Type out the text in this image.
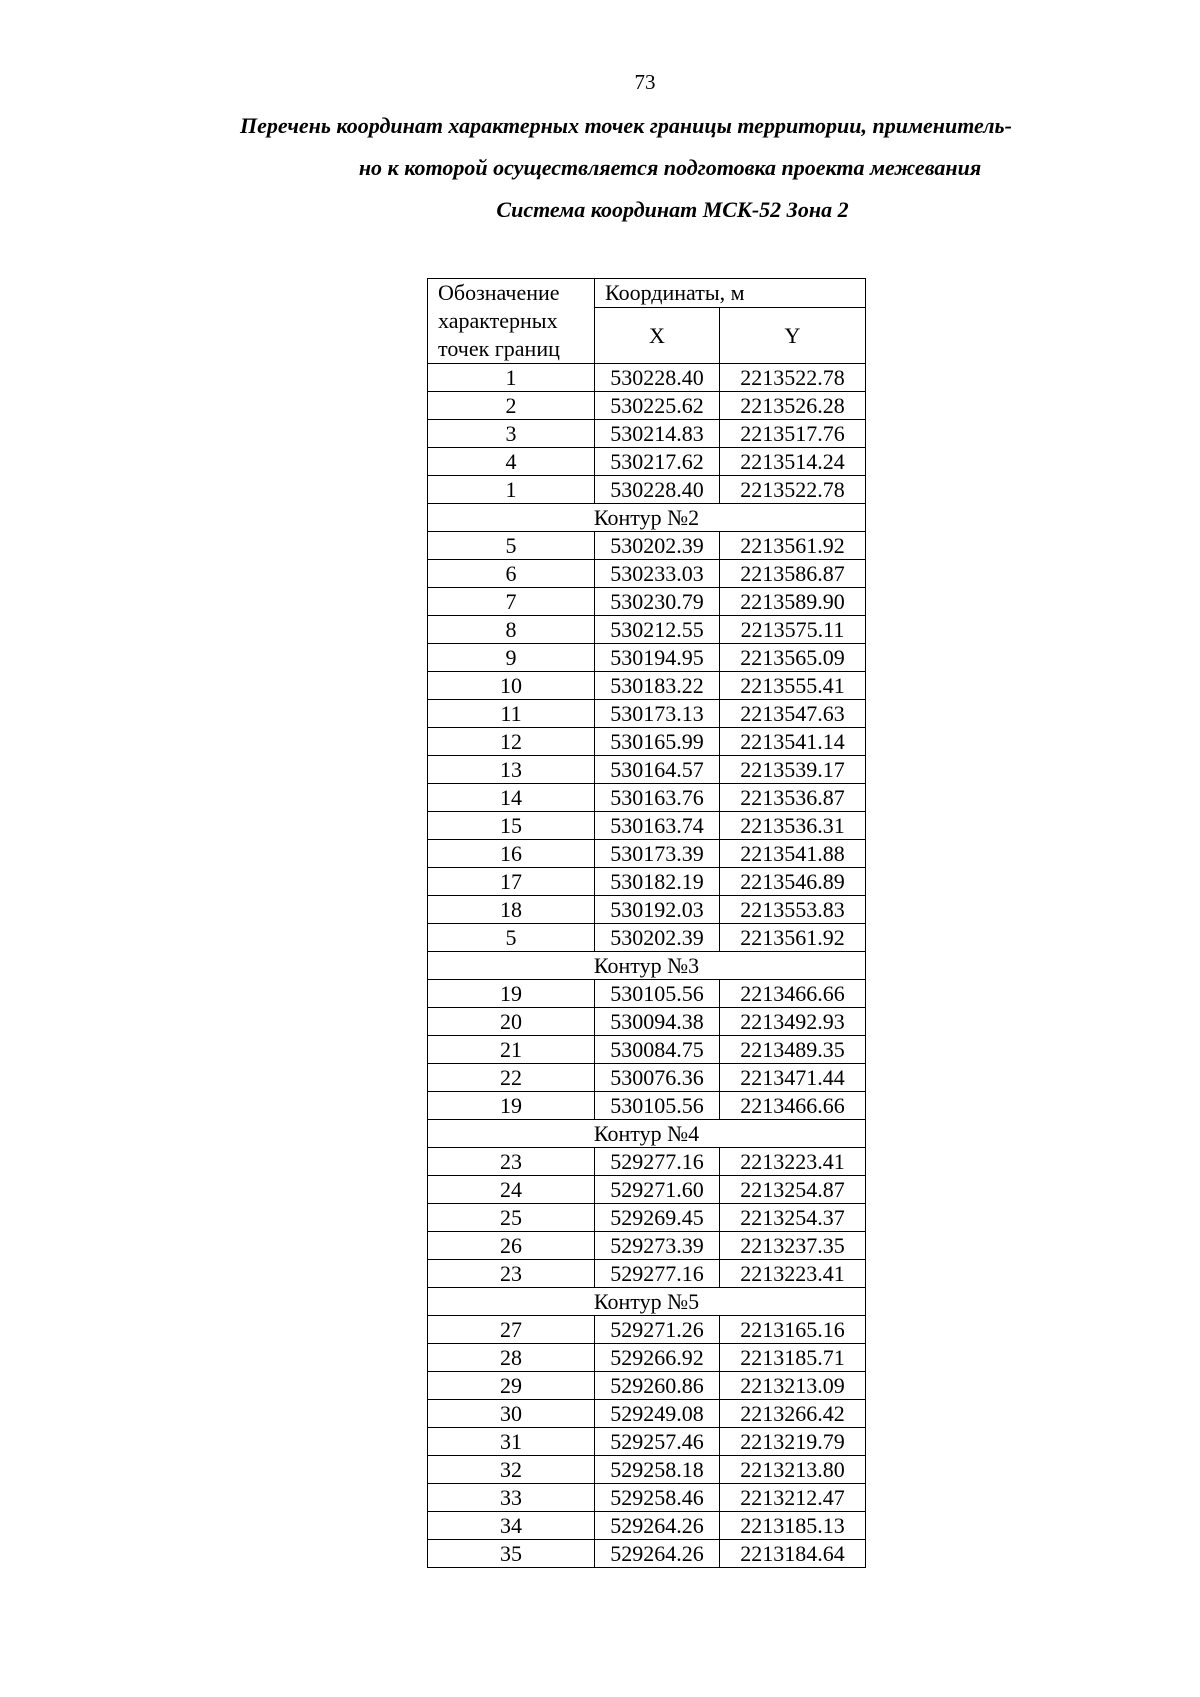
73
Перечень координат характерных точек границы территории, применитель-
но к которой осуществляется подготовка проекта межевания
Система координат МСК-52 Зона 2
Обозначение
характерных
точек границ	Координаты, м	
	X	Y
1	530228.40	2213522.78
2	530225.62	2213526.28
3	530214.83	2213517.76
4	530217.62	2213514.24
1	530228.40	2213522.78
Контур №2		
5	530202.39	2213561.92
6	530233.03	2213586.87
7	530230.79	2213589.90
8	530212.55	2213575.11
9	530194.95	2213565.09
10	530183.22	2213555.41
11	530173.13	2213547.63
12	530165.99	2213541.14
13	530164.57	2213539.17
14	530163.76	2213536.87
15	530163.74	2213536.31
16	530173.39	2213541.88
17	530182.19	2213546.89
18	530192.03	2213553.83
5	530202.39	2213561.92
Контур №3		
19	530105.56	2213466.66
20	530094.38	2213492.93
21	530084.75	2213489.35
22	530076.36	2213471.44
19	530105.56	2213466.66
Контур №4		
23	529277.16	2213223.41
24	529271.60	2213254.87
25	529269.45	2213254.37
26	529273.39	2213237.35
23	529277.16	2213223.41
Контур №5		
27	529271.26	2213165.16
28	529266.92	2213185.71
29	529260.86	2213213.09
30	529249.08	2213266.42
31	529257.46	2213219.79
32	529258.18	2213213.80
33	529258.46	2213212.47
34	529264.26	2213185.13
35	529264.26	2213184.64
